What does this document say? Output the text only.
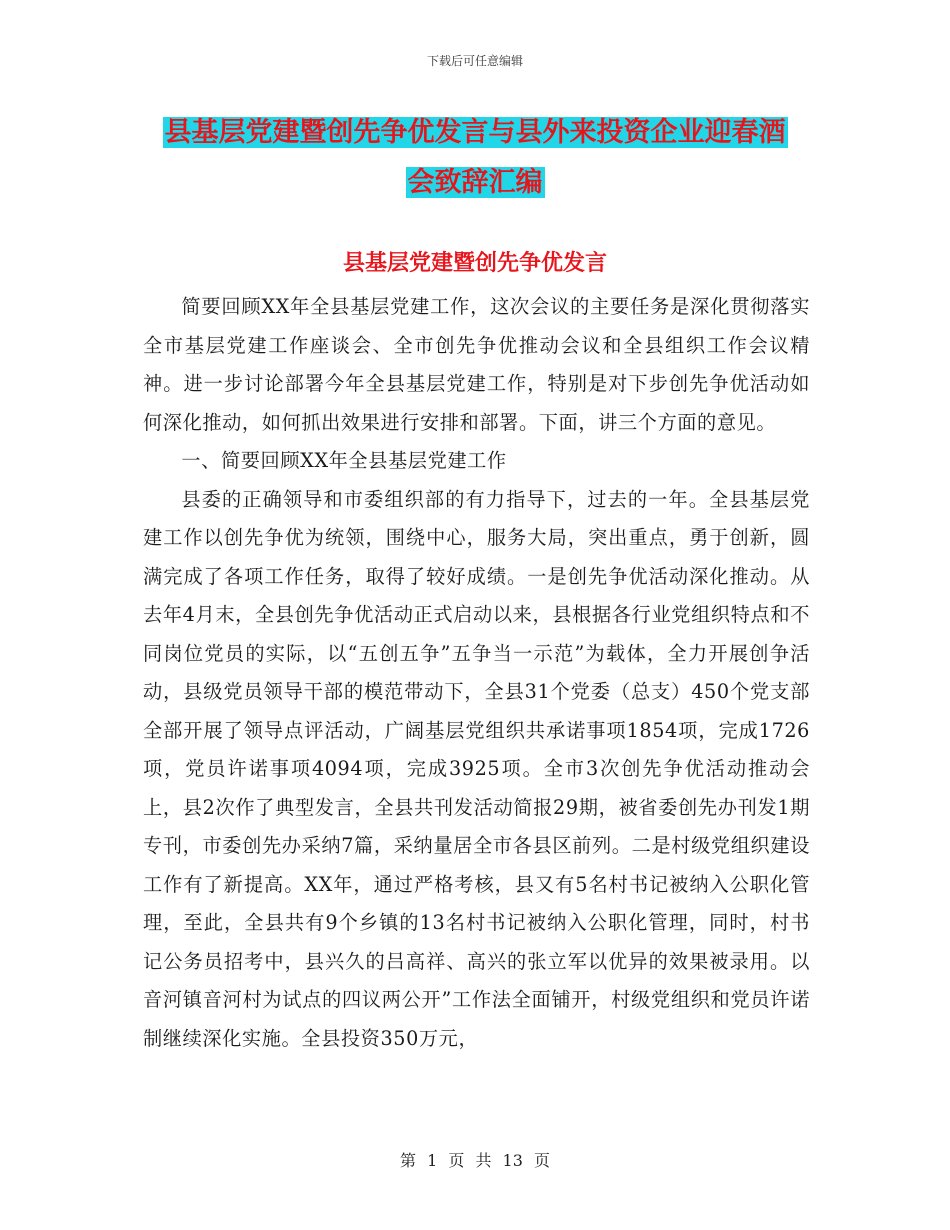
下载后可任意编辑
县基层党建暨创先争优发言与县外来投资企业迎春酒
会致辞汇编
县基层党建暨创先争优发言

简要回顾XX年全县基层党建工作，这次会议的主要任务是深化贯彻落实全市基层党建工作座谈会、全市创先争优推动会议和全县组织工作会议精神。进一步讨论部署今年全县基层党建工作，特别是对下步创先争优活动如何深化推动，如何抓出效果进行安排和部署。下面，讲三个方面的意见。

一、简要回顾XX年全县基层党建工作

县委的正确领导和市委组织部的有力指导下，过去的一年。全县基层党建工作以创先争优为统领，围绕中心，服务大局，突出重点，勇于创新，圆满完成了各项工作任务，取得了较好成绩。一是创先争优活动深化推动。从去年4月末，全县创先争优活动正式启动以来，县根据各行业党组织特点和不同岗位党员的实际，以“五创五争”五争当一示范”为载体，全力开展创争活动，县级党员领导干部的模范带动下，全县31个党委（总支）450个党支部全部开展了领导点评活动，广阔基层党组织共承诺事项1854项，完成1726项，党员许诺事项4094项，完成3925项。全市3次创先争优活动推动会上，县2次作了典型发言，全县共刊发活动简报29期，被省委创先办刊发1期专刊，市委创先办采纳7篇，采纳量居全市各县区前列。二是村级党组织建设工作有了新提高。XX年，通过严格考核，县又有5名村书记被纳入公职化管理，至此，全县共有9个乡镇的13名村书记被纳入公职化管理，同时，村书记公务员招考中，县兴久的吕高祥、高兴的张立军以优异的效果被录用。以音河镇音河村为试点的四议两公开”工作法全面铺开，村级党组织和党员许诺制继续深化实施。全县投资350万元，

第 1 页 共 13 页
